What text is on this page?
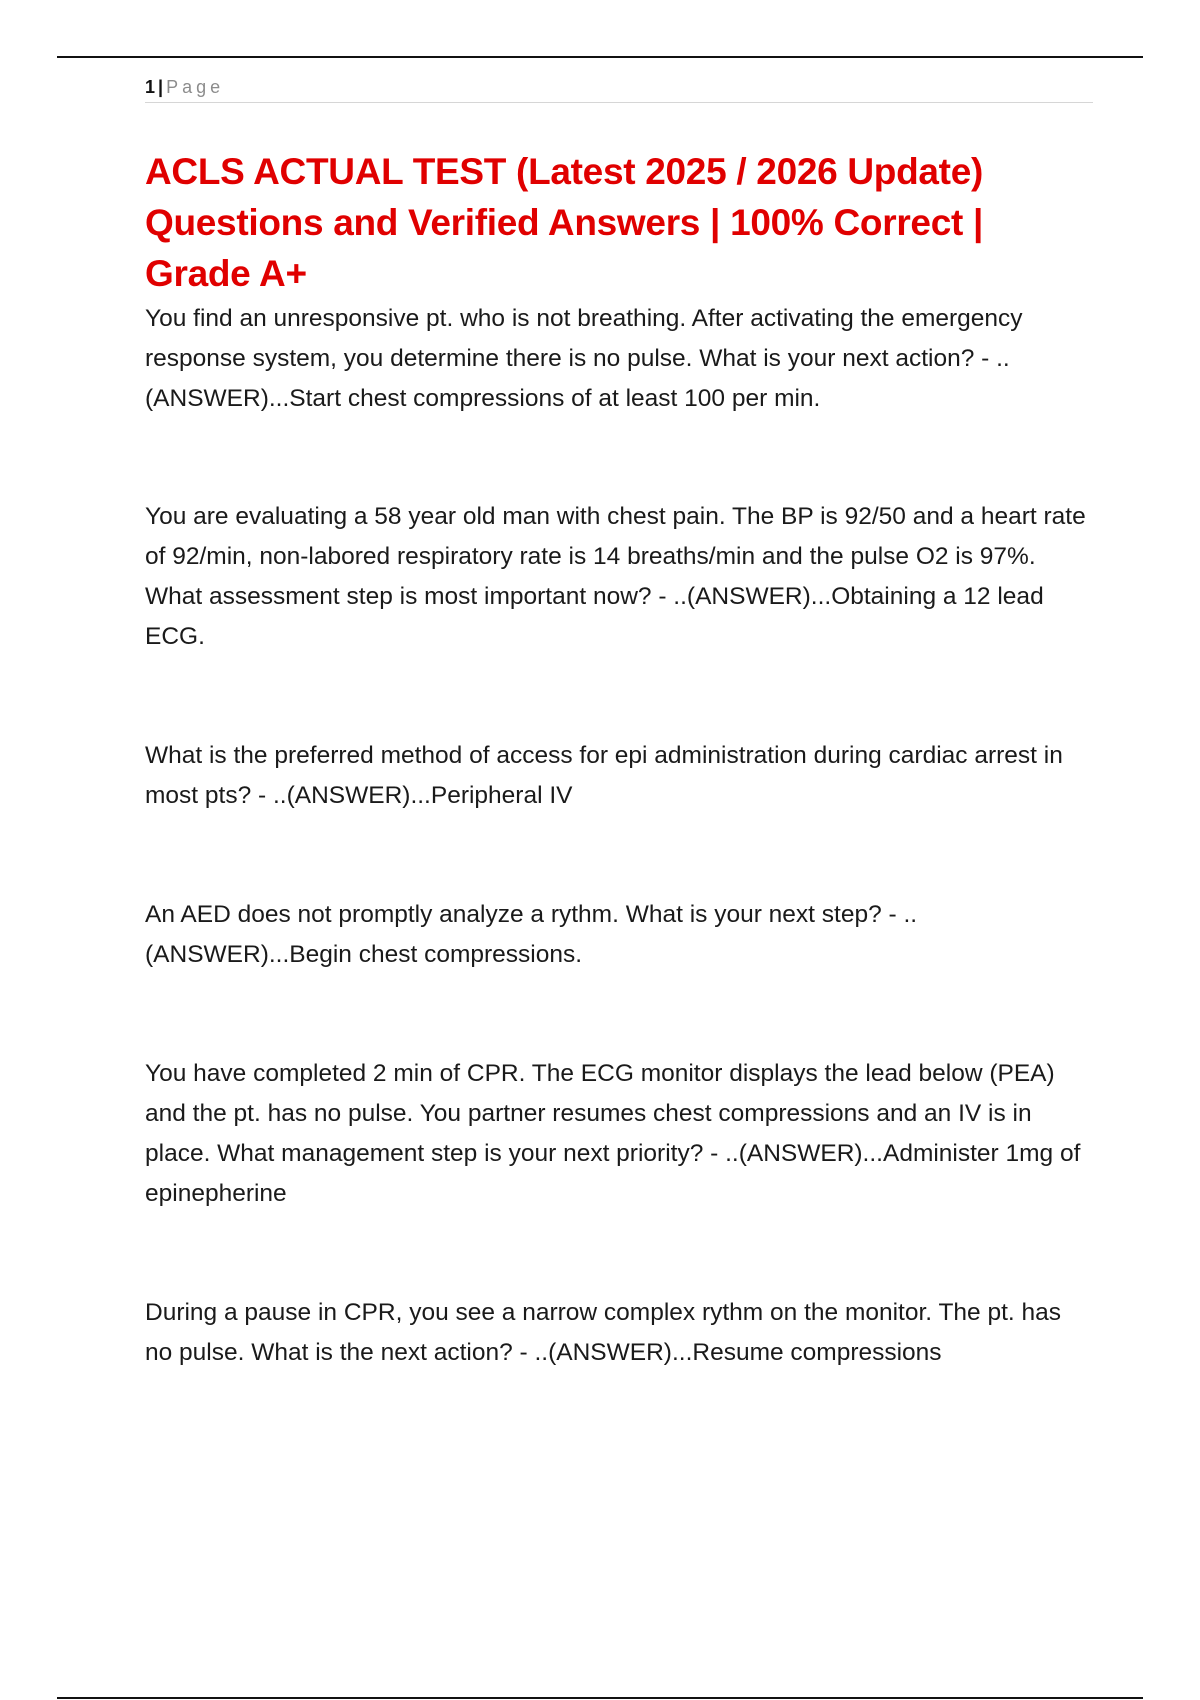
1 | Page
ACLS ACTUAL TEST (Latest 2025 / 2026 Update) Questions and Verified Answers | 100% Correct | Grade A+

You find an unresponsive pt. who is not breathing. After activating the emergency response system, you determine there is no pulse. What is your next action? - ..(ANSWER)...Start chest compressions of at least 100 per min.

You are evaluating a 58 year old man with chest pain. The BP is 92/50 and a heart rate of 92/min, non-labored respiratory rate is 14 breaths/min and the pulse O2 is 97%. What assessment step is most important now? - ..(ANSWER)...Obtaining a 12 lead ECG.

What is the preferred method of access for epi administration during cardiac arrest in most pts? - ..(ANSWER)...Peripheral IV

An AED does not promptly analyze a rythm. What is your next step? - ..(ANSWER)...Begin chest compressions.

You have completed 2 min of CPR. The ECG monitor displays the lead below (PEA) and the pt. has no pulse. You partner resumes chest compressions and an IV is in place. What management step is your next priority? - ..(ANSWER)...Administer 1mg of epinepherine

During a pause in CPR, you see a narrow complex rythm on the monitor. The pt. has no pulse. What is the next action? - ..(ANSWER)...Resume compressions
